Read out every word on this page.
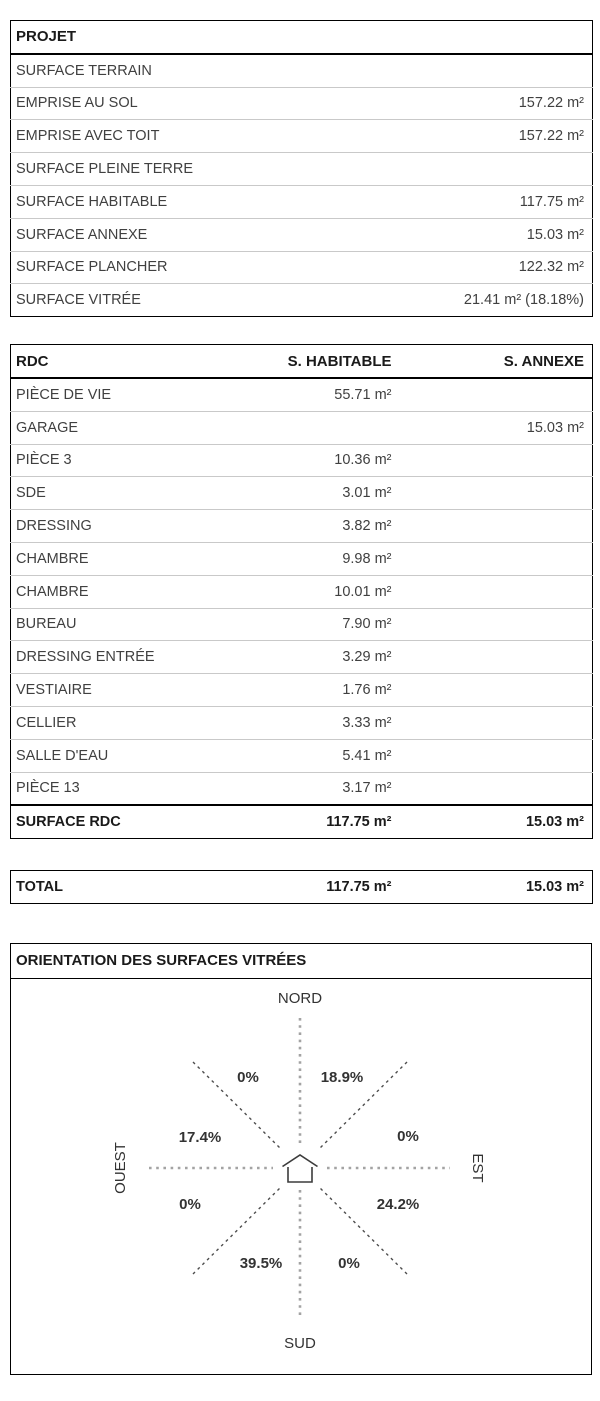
PROJET	
SURFACE TERRAIN	
EMPRISE AU SOL	157.22 m²
EMPRISE AVEC TOIT	157.22 m²
SURFACE PLEINE TERRE	
SURFACE HABITABLE	117.75 m²
SURFACE ANNEXE	15.03 m²
SURFACE PLANCHER	122.32 m²
SURFACE VITRÉE	21.41 m² (18.18%)
RDC	S. HABITABLE	S. ANNEXE
PIÈCE DE VIE	55.71 m²	
GARAGE		15.03 m²
PIÈCE 3	10.36 m²	
SDE	3.01 m²	
DRESSING	3.82 m²	
CHAMBRE	9.98 m²	
CHAMBRE	10.01 m²	
BUREAU	7.90 m²	
DRESSING ENTRÉE	3.29 m²	
VESTIAIRE	1.76 m²	
CELLIER	3.33 m²	
SALLE D'EAU	5.41 m²	
PIÈCE 13	3.17 m²	
SURFACE RDC	117.75 m²	15.03 m²
TOTAL	117.75 m²	15.03 m²
ORIENTATION DES SURFACES VITRÉES
NORD
SUD
OUEST	EST
0%	18.9%
17.4%	0%
0%	24.2%
39.5%	0%
